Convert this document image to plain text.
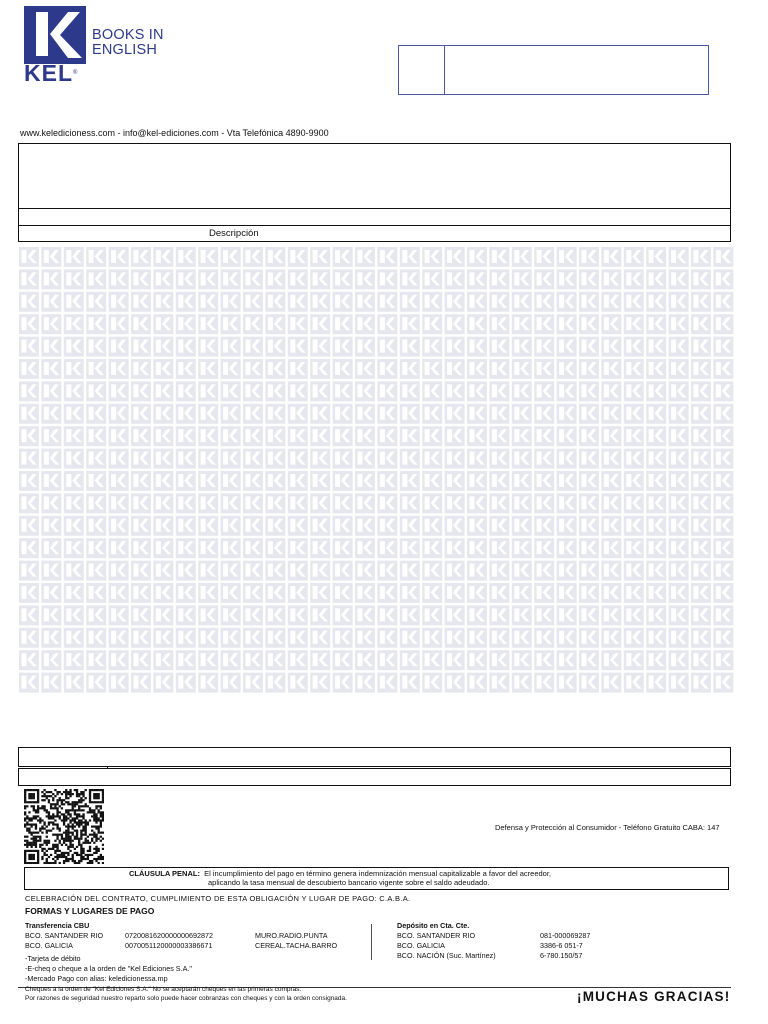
BOOKS IN
ENGLISH
KEL®
www.keledicioness.com - info@kel-ediciones.com - Vta Telefónica 4890-9900
Descripción
Defensa y Protección al Consumidor - Teléfono Gratuito CABA: 147
CLÁUSULA PENAL: El incumplimiento del pago en término genera indemnización mensual capitalizable a favor del acreedor,
aplicando la tasa mensual de descubierto bancario vigente sobre el saldo adeudado.
CELEBRACIÓN DEL CONTRATO, CUMPLIMIENTO DE ESTA OBLIGACIÓN Y LUGAR DE PAGO: C.A.B.A.
FORMAS Y LUGARES DE PAGO
Transferencia CBU
BCO. SANTANDER RIO
BCO. GALICIA
0720081620000000692872
0070051120000003386671
MURO.RADIO.PUNTA
CEREAL.TACHA.BARRO
Depósito en Cta. Cte.
BCO. SANTANDER RIO
BCO. GALICIA
BCO. NACIÓN (Suc. Martínez)
081-000069287
3386-6 051-7
6-780.150/57
-Tarjeta de débito
-E-cheq o cheque a la orden de "Kel Ediciones S.A."
-Mercado Pago con alias: keledicionessa.mp
Cheques a la orden de "Kel Ediciones S.A." No se aceptarán cheques en las primeras compras.
Por razones de seguridad nuestro reparto solo puede hacer cobranzas con cheques y con la orden consignada.	¡MUCHAS GRACIAS!
